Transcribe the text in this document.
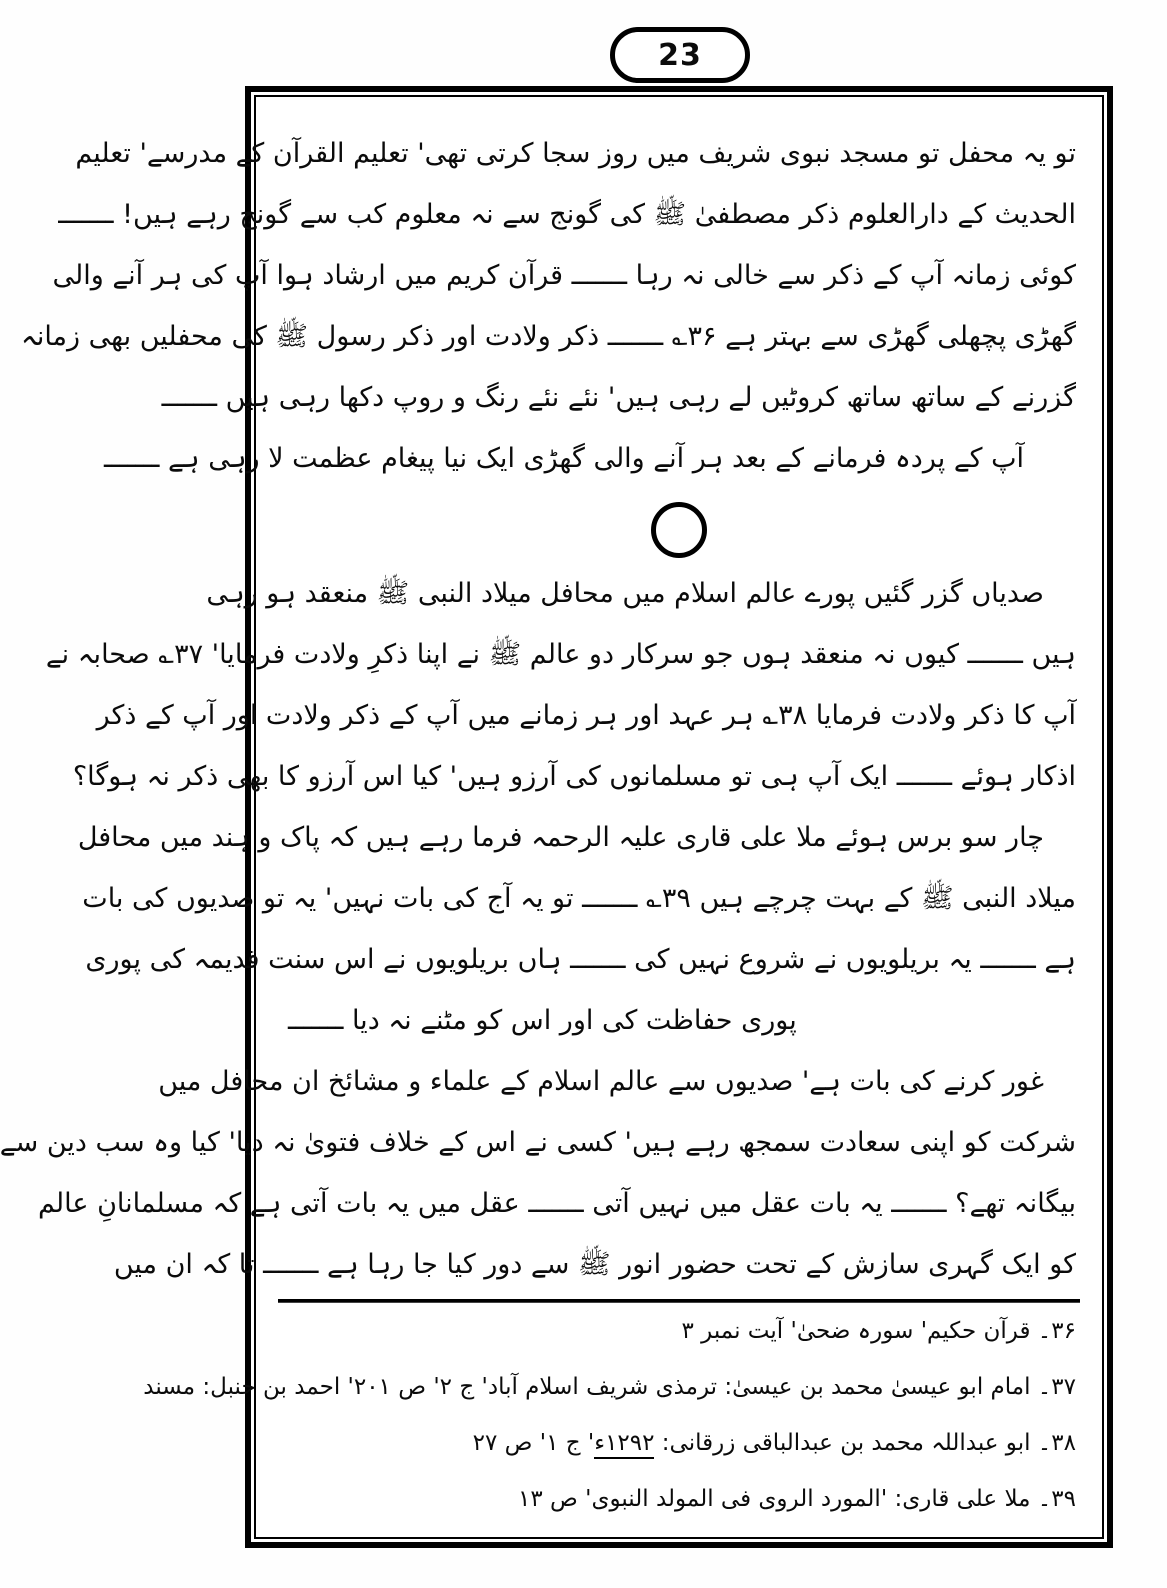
23
تو یہ محفل تو مسجد نبوی شریف میں روز سجا کرتی تھی' تعلیم القرآن کے مدرسے' تعلیم
الحدیث کے دارالعلوم ذکر مصطفیٰ ﷺ کی گونج سے نہ معلوم کب سے گونج رہے ہیں! ـــــــ
کوئی زمانہ آپ کے ذکر سے خالی نہ رہا ـــــــ قرآن کریم میں ارشاد ہوا آپ کی ہر آنے والی
گھڑی پچھلی گھڑی سے بہتر ہے ۳۶؎ ـــــــ ذکر ولادت اور ذکر رسول ﷺ کی محفلیں بھی زمانہ
گزرنے کے ساتھ ساتھ کروٹیں لے رہی ہیں' نئے نئے رنگ و روپ دکھا رہی ہیں ـــــــ
آپ کے پردہ فرمانے کے بعد ہر آنے والی گھڑی ایک نیا پیغام عظمت لا رہی ہے ـــــــ
صدیاں گزر گئیں پورے عالم اسلام میں محافل میلاد النبی ﷺ منعقد ہو رہی
ہیں ـــــــ کیوں نہ منعقد ہوں جو سرکار دو عالم ﷺ نے اپنا ذکرِ ولادت فرمایا' ۳۷؎ صحابہ نے
آپ کا ذکر ولادت فرمایا ۳۸؎ ہر عہد اور ہر زمانے میں آپ کے ذکر ولادت اور آپ کے ذکر
اذکار ہوئے ـــــــ ایک آپ ہی تو مسلمانوں کی آرزو ہیں' کیا اس آرزو کا بھی ذکر نہ ہوگا؟
چار سو برس ہوئے ملا علی قاری علیہ الرحمہ فرما رہے ہیں کہ پاک و ہند میں محافل
میلاد النبی ﷺ کے بہت چرچے ہیں ۳۹؎ ـــــــ تو یہ آج کی بات نہیں' یہ تو صدیوں کی بات
ہے ـــــــ یہ بریلویوں نے شروع نہیں کی ـــــــ ہاں بریلویوں نے اس سنت قدیمہ کی پوری
پوری حفاظت کی اور اس کو مٹنے نہ دیا ـــــــ
غور کرنے کی بات ہے' صدیوں سے عالم اسلام کے علماء و مشائخ ان محافل میں
شرکت کو اپنی سعادت سمجھ رہے ہیں' کسی نے اس کے خلاف فتویٰ نہ دیا' کیا وہ سب دین سے
بیگانہ تھے؟ ـــــــ یہ بات عقل میں نہیں آتی ـــــــ عقل میں یہ بات آتی ہے کہ مسلمانانِ عالم
کو ایک گہری سازش کے تحت حضور انور ﷺ سے دور کیا جا رہا ہے ـــــــ تا کہ ان میں
۳۶۔ قرآن حکیم' سورہ ضحیٰ' آیت نمبر ۳
۳۷۔ امام ابو عیسیٰ محمد بن عیسیٰ: ترمذی شریف اسلام آباد' ج ۲' ص ۲۰۱' احمد بن حنبل: مسند
۳۸۔ ابو عبداللہ محمد بن عبدالباقی زرقانی: ۱۲۹۲ء' ج ۱' ص ۲۷
۳۹۔ ملا علی قاری: 'المورد الروی فی المولد النبوی' ص ۱۳
